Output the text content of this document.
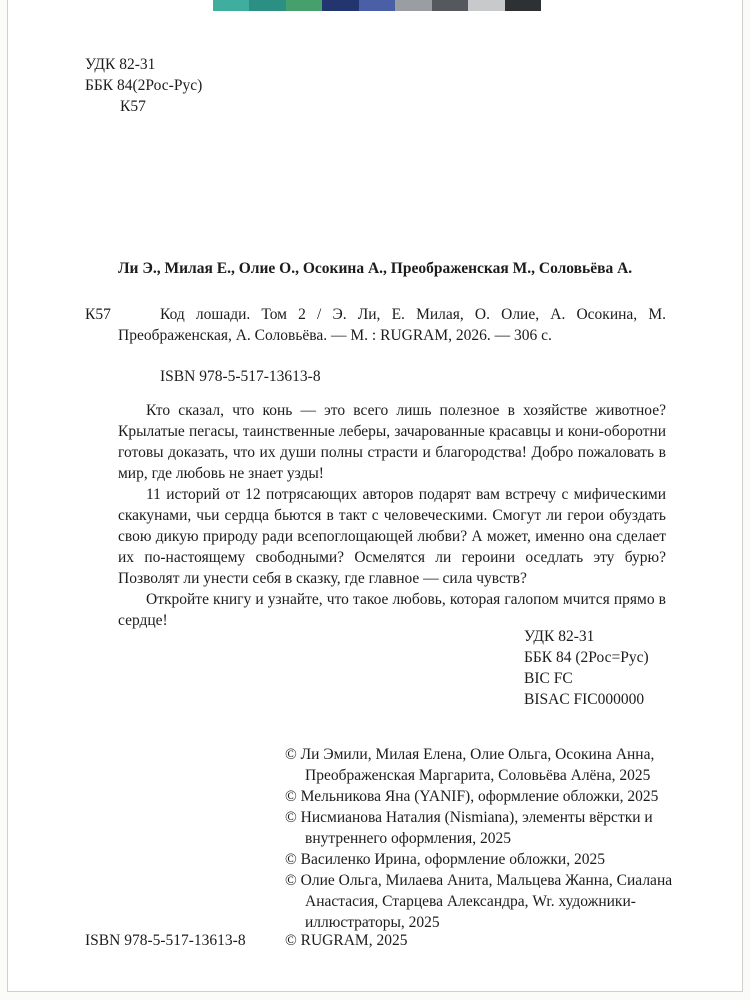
УДК 82-31
ББК 84(2Рос-Рус)
К57
Ли Э., Милая Е., Олие О., Осокина А., Преображенская М., Соловьёва А.
К57	Код лошади. Том 2 / Э. Ли, Е. Милая, О. Олие, А. Осокина, М. Преображенская, А. Соловьёва. — М. : RUGRAM, 2026. — 306 с.
ISBN 978-5-517-13613-8

Кто сказал, что конь — это всего лишь полезное в хозяйстве животное? Крылатые пегасы, таинственные леберы, зачарованные красавцы и кони-оборотни готовы доказать, что их души полны страсти и благородства! Добро пожаловать в мир, где любовь не знает узды!

11 историй от 12 потрясающих авторов подарят вам встречу с мифическими скакунами, чьи сердца бьются в такт с человеческими. Смогут ли герои обуздать свою дикую природу ради всепоглощающей любви? А может, именно она сделает их по-настоящему свободными? Осмелятся ли героини оседлать эту бурю? Позволят ли унести себя в сказку, где главное — сила чувств?

Откройте книгу и узнайте, что такое любовь, которая галопом мчится прямо в сердце!

УДК 82-31
ББК 84 (2Рос=Рус)
BIC FC
BISAC FIC000000
© Ли Эмили, Милая Елена, Олие Ольга, Осокина Анна, Преображенская Маргарита, Соловьёва Алёна, 2025
© Мельникова Яна (YANIF), оформление обложки, 2025
© Нисмианова Наталия (Nismiana), элементы вёрстки и внутреннего оформления, 2025
© Василенко Ирина, оформление обложки, 2025
© Олие Ольга, Милаева Анита, Мальцева Жанна, Сиалана Анастасия, Старцева Александра, Wr. художники-иллюстраторы, 2025
ISBN 978-5-517-13613-8	© RUGRAM, 2025
